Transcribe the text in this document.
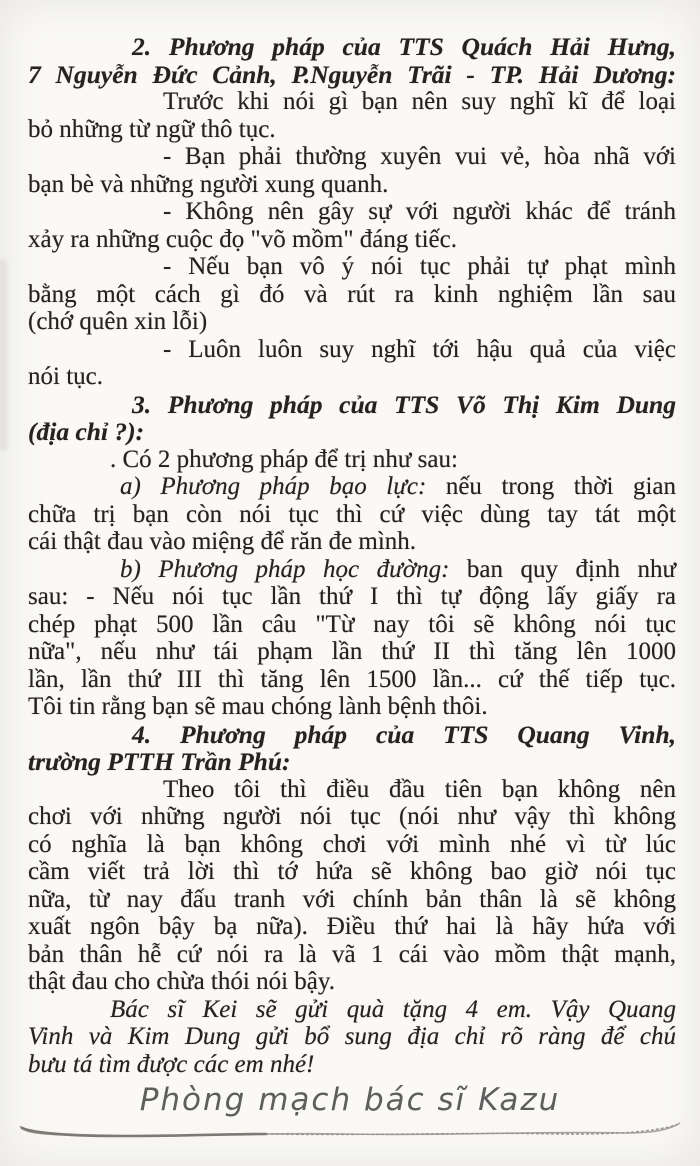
2. Phương pháp của TTS Quách Hải Hưng,
7 Nguyễn Đức Cảnh, P.Nguyễn Trãi - TP. Hải Dương:
Trước khi nói gì bạn nên suy nghĩ kĩ để loại
bỏ những từ ngữ thô tục.
- Bạn phải thường xuyên vui vẻ, hòa nhã với
bạn bè và những người xung quanh.
- Không nên gây sự với người khác để tránh
xảy ra những cuộc đọ "võ mồm" đáng tiếc.
- Nếu bạn vô ý nói tục phải tự phạt mình
bằng một cách gì đó và rút ra kinh nghiệm lần sau
(chớ quên xin lỗi)
- Luôn luôn suy nghĩ tới hậu quả của việc
nói tục.
3. Phương pháp của TTS Võ Thị Kim Dung
(địa chỉ ?):
. Có 2 phương pháp để trị như sau:
a) Phương pháp bạo lực: nếu trong thời gian
chữa trị bạn còn nói tục thì cứ việc dùng tay tát một
cái thật đau vào miệng để răn đe mình.
b) Phương pháp học đường: ban quy định như
sau: - Nếu nói tục lần thứ I thì tự động lấy giấy ra
chép phạt 500 lần câu "Từ nay tôi sẽ không nói tục
nữa", nếu như tái phạm lần thứ II thì tăng lên 1000
lần, lần thứ III thì tăng lên 1500 lần... cứ thế tiếp tục.
Tôi tin rằng bạn sẽ mau chóng lành bệnh thôi.
4. Phương pháp của TTS Quang Vinh,
trường PTTH Trần Phú:
Theo tôi thì điều đầu tiên bạn không nên
chơi với những người nói tục (nói như vậy thì không
có nghĩa là bạn không chơi với mình nhé vì từ lúc
cầm viết trả lời thì tớ hứa sẽ không bao giờ nói tục
nữa, từ nay đấu tranh với chính bản thân là sẽ không
xuất ngôn bậy bạ nữa). Điều thứ hai là hãy hứa với
bản thân hễ cứ nói ra là vã 1 cái vào mồm thật mạnh,
thật đau cho chừa thói nói bậy.
Bác sĩ Kei sẽ gửi quà tặng 4 em. Vậy Quang
Vinh và Kim Dung gửi bổ sung địa chỉ rõ ràng để chú
bưu tá tìm được các em nhé!
Phòng mạch bác sĩ Kazu
